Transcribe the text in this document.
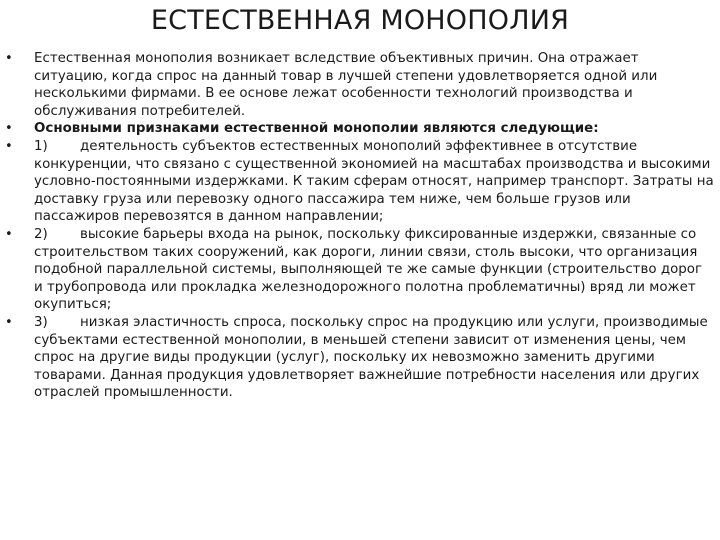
ЕСТЕСТВЕННАЯ МОНОПОЛИЯ
• Естественная монополия возникает вследствие объективных причин. Она отражает ситуацию, когда спрос на данный товар в лучшей степени удовлетворяется одной или несколькими фирмами. В ее основе лежат особенности технологий производства и обслуживания потребителей.
• Основными признаками естественной монополии являются следующие:
• 1) деятельность субъектов естественных монополий эффективнее в отсутствие конкуренции, что связано с существенной экономией на масштабах производства и высокими условно-постоянными издержками. К таким сферам относят, например транспорт. Затраты на доставку груза или перевозку одного пассажира тем ниже, чем больше грузов или пассажиров перевозятся в данном направлении;
• 2) высокие барьеры входа на рынок, поскольку фиксированные издержки, связанные со строительством таких сооружений, как дороги, линии связи, столь высоки, что организация подобной параллельной системы, выполняющей те же самые функции (строительство дорог и трубопровода или прокладка железнодорожного полотна проблематичны) вряд ли может окупиться;
• 3) низкая эластичность спроса, поскольку спрос на продукцию или услуги, производимые субъектами естественной монополии, в меньшей степени зависит от изменения цены, чем спрос на другие виды продукции (услуг), поскольку их невозможно заменить другими товарами. Данная продукция удовлетворяет важнейшие потребности населения или других отраслей промышленности.
